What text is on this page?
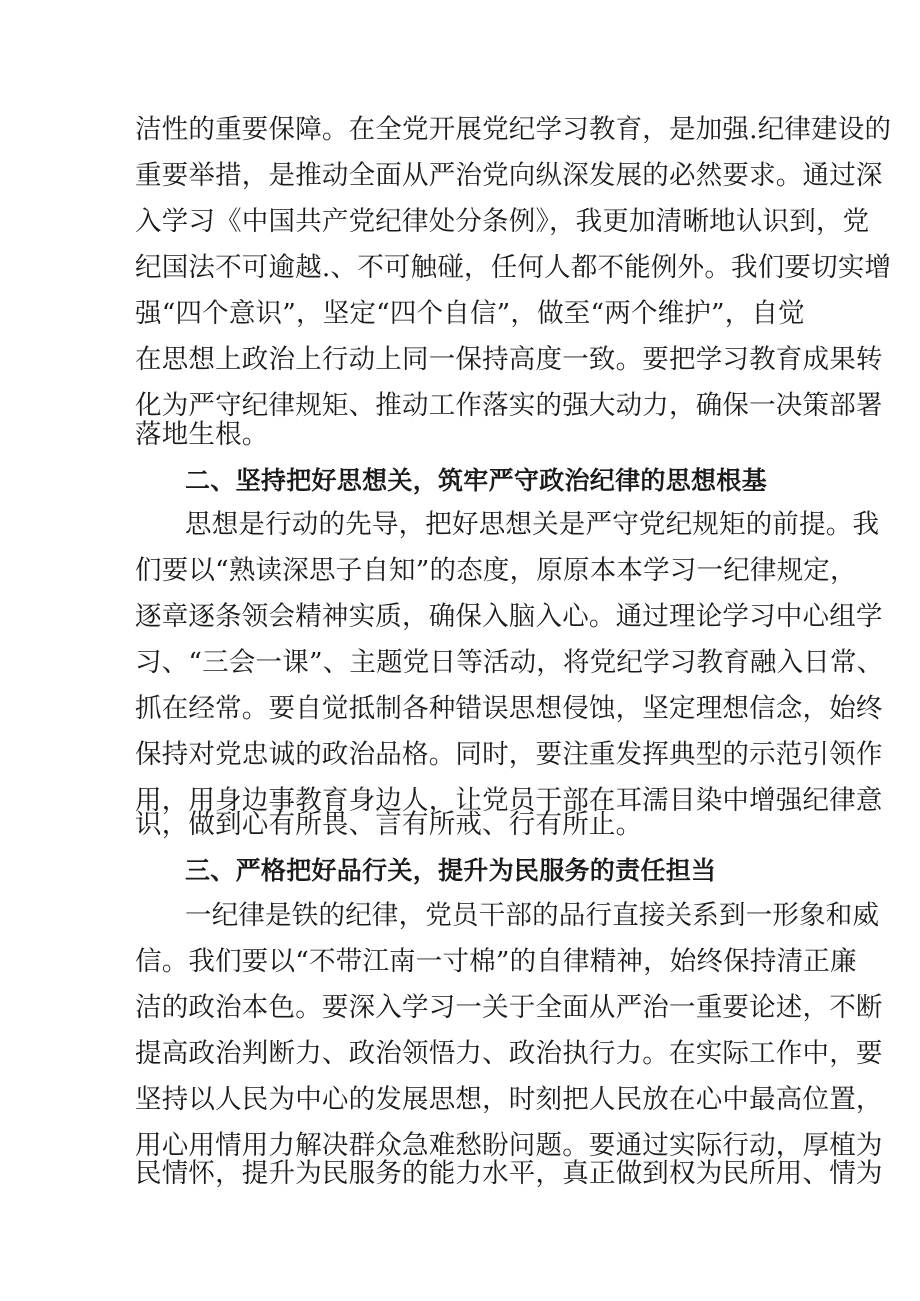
洁性的重要保障。在全党开展党纪学习教育，是加强.纪律建设的
重要举措，是推动全面从严治党向纵深发展的必然要求。通过深
入学习《中国共产党纪律处分条例》，我更加清晰地认识到，党
纪国法不可逾越.、不可触碰，任何人都不能例外。我们要切实增
强“四个意识”，坚定“四个自信”，做至“两个维护”，自觉
在思想上政治上行动上同一保持高度一致。要把学习教育成果转
化为严守纪律规矩、推动工作落实的强大动力，确保一决策部署
落地生根。
二、坚持把好思想关，筑牢严守政治纪律的思想根基
思想是行动的先导，把好思想关是严守党纪规矩的前提。我
们要以“熟读深思子自知”的态度，原原本本学习一纪律规定，
逐章逐条领会精神实质，确保入脑入心。通过理论学习中心组学
习、“三会一课”、主题党日等活动，将党纪学习教育融入日常、
抓在经常。要自觉抵制各种错误思想侵蚀，坚定理想信念，始终
保持对党忠诚的政治品格。同时，要注重发挥典型的示范引领作
用，用身边事教育身边人，让党员干部在耳濡目染中增强纪律意
识，做到心有所畏、言有所戒、行有所止。
三、严格把好品行关，提升为民服务的责任担当
一纪律是铁的纪律，党员干部的品行直接关系到一形象和威
信。我们要以“不带江南一寸棉”的自律精神，始终保持清正廉
洁的政治本色。要深入学习一关于全面从严治一重要论述，不断
提高政治判断力、政治领悟力、政治执行力。在实际工作中，要
坚持以人民为中心的发展思想，时刻把人民放在心中最高位置，
用心用情用力解决群众急难愁盼问题。要通过实际行动，厚植为
民情怀，提升为民服务的能力水平，真正做到权为民所用、情为
